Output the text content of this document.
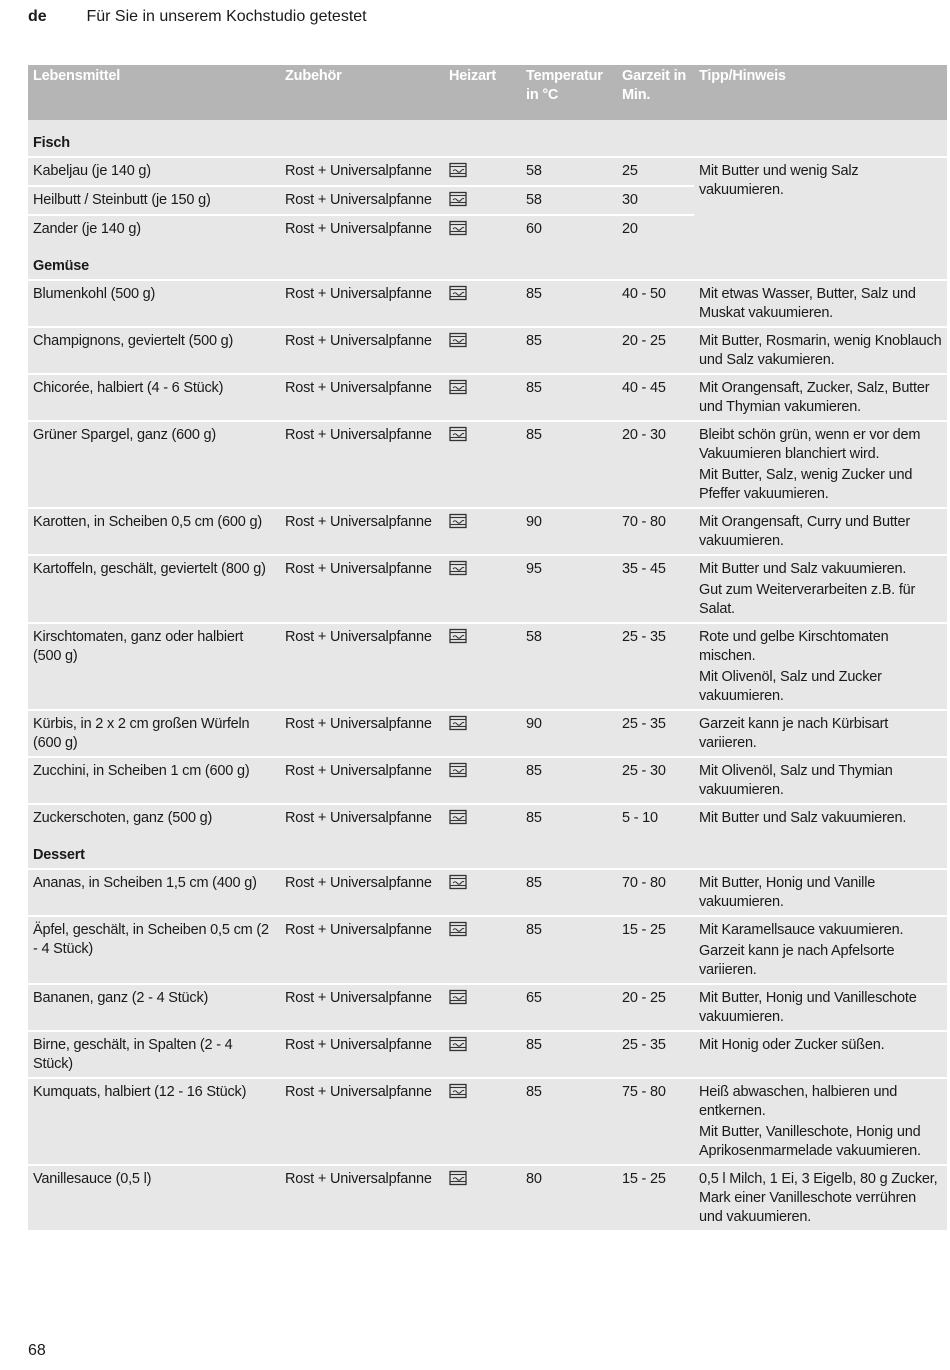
de Für Sie in unserem Kochstudio getestet
Lebensmittel	Zubehör	Heizart	Temperatur in °C	Garzeit in Min.	Tipp/Hinweis
Fisch					
Kabeljau (je 140 g)	Rost + Universalpfanne		58	25	Mit Butter und wenig Salz vakuumieren.

Heilbutt / Steinbutt (je 150 g)	Rost + Universalpfanne		58	30	
Zander (je 140 g)	Rost + Universalpfanne		60	20	
Gemüse					
Blumenkohl (500 g)	Rost + Universalpfanne		85	40 - 50	Mit etwas Wasser, Butter, Salz und Muskat vakuumieren.

Champignons, geviertelt (500 g)	Rost + Universalpfanne		85	20 - 25	Mit Butter, Rosmarin, wenig Knoblauch und Salz vakumieren.

Chicorée, halbiert (4 - 6 Stück)	Rost + Universalpfanne		85	40 - 45	Mit Orangensaft, Zucker, Salz, Butter und Thymian vakumieren.

Grüner Spargel, ganz (600 g)	Rost + Universalpfanne		85	20 - 30	Bleibt schön grün, wenn er vor dem Vakuumieren blanchiert wird.
Mit Butter, Salz, wenig Zucker und Pfeffer vakuumieren.

Karotten, in Scheiben 0,5 cm (600 g)	Rost + Universalpfanne		90	70 - 80	Mit Orangensaft, Curry und Butter vakuumieren.

Kartoffeln, geschält, geviertelt (800 g)	Rost + Universalpfanne		95	35 - 45	Mit Butter und Salz vakuumieren.
Gut zum Weiterverarbeiten z.B. für Salat.

Kirschtomaten, ganz oder halbiert (500 g)	Rost + Universalpfanne		58	25 - 35	Rote und gelbe Kirschtomaten mischen.
Mit Olivenöl, Salz und Zucker vakuumieren.

Kürbis, in 2 x 2 cm großen Würfeln (600 g)	Rost + Universalpfanne		90	25 - 35	Garzeit kann je nach Kürbisart variieren.

Zucchini, in Scheiben 1 cm (600 g)	Rost + Universalpfanne		85	25 - 30	Mit Olivenöl, Salz und Thymian vakuumieren.

Zuckerschoten, ganz (500 g)	Rost + Universalpfanne		85	5 - 10	Mit Butter und Salz vakuumieren.

Dessert					
Ananas, in Scheiben 1,5 cm (400 g)	Rost + Universalpfanne		85	70 - 80	Mit Butter, Honig und Vanille vakuumieren.

Äpfel, geschält, in Scheiben 0,5 cm (2 - 4 Stück)	Rost + Universalpfanne		85	15 - 25	Mit Karamellsauce vakuumieren.
Garzeit kann je nach Apfelsorte variieren.

Bananen, ganz (2 - 4 Stück)	Rost + Universalpfanne		65	20 - 25	Mit Butter, Honig und Vanilleschote vakuumieren.

Birne, geschält, in Spalten (2 - 4 Stück)	Rost + Universalpfanne		85	25 - 35	Mit Honig oder Zucker süßen.

Kumquats, halbiert (12 - 16 Stück)	Rost + Universalpfanne		85	75 - 80	Heiß abwaschen, halbieren und entkernen.
Mit Butter, Vanilleschote, Honig und Aprikosenmarmelade vakuumieren.

Vanillesauce (0,5 l)	Rost + Universalpfanne		80	15 - 25	0,5 l Milch, 1 Ei, 3 Eigelb, 80 g Zucker, Mark einer Vanilleschote verrühren und vakuumieren.
68
